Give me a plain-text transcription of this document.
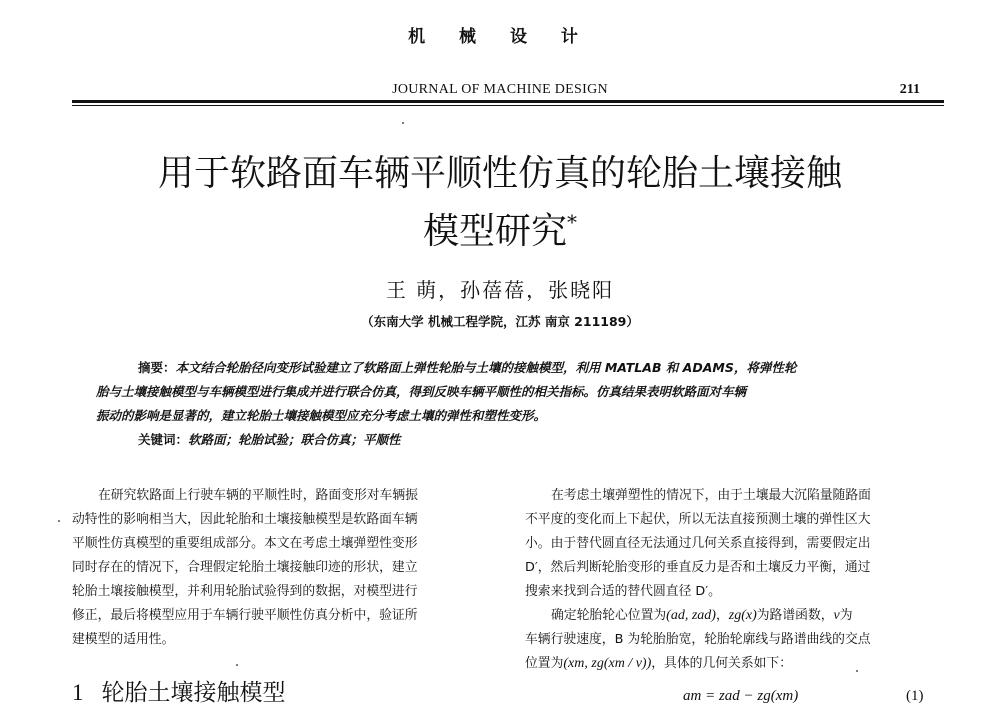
机 械 设 计
JOURNAL OF MACHINE DESIGN	211
用于软路面车辆平顺性仿真的轮胎土壤接触
模型研究*
王 萌，孙蓓蓓，张晓阳
（东南大学 机械工程学院，江苏 南京 211189）
摘要：本文结合轮胎径向变形试验建立了软路面上弹性轮胎与土壤的接触模型，利用 MATLAB 和 ADAMS，将弹性轮
胎与土壤接触模型与车辆模型进行集成并进行联合仿真，得到反映车辆平顺性的相关指标。仿真结果表明软路面对车辆
振动的影响是显著的，建立轮胎土壤接触模型应充分考虑土壤的弹性和塑性变形。
关键词：软路面；轮胎试验；联合仿真；平顺性
在研究软路面上行驶车辆的平顺性时，路面变形对车辆振
动特性的影响相当大，因此轮胎和土壤接触模型是软路面车辆
平顺性仿真模型的重要组成部分。本文在考虑土壤弹塑性变形
同时存在的情况下，合理假定轮胎土壤接触印迹的形状，建立
轮胎土壤接触模型，并利用轮胎试验得到的数据，对模型进行
修正，最后将模型应用于车辆行驶平顺性仿真分析中，验证所
建模型的适用性。
1 轮胎土壤接触模型
在考虑土壤弹塑性的情况下，由于土壤最大沉陷量随路面
不平度的变化而上下起伏，所以无法直接预测土壤的弹性区大
小。由于替代圆直径无法通过几何关系直接得到，需要假定出
D′，然后判断轮胎变形的垂直反力是否和土壤反力平衡，通过
搜索来找到合适的替代圆直径 D′。
确定轮胎轮心位置为(ad, zad)，zg(x)为路谱函数，v为
车辆行驶速度，B 为轮胎胎宽，轮胎轮廓线与路谱曲线的交点
位置为(xm, zg(xm / v))，具体的几何关系如下：
am = zad − zg(xm)	(1)
